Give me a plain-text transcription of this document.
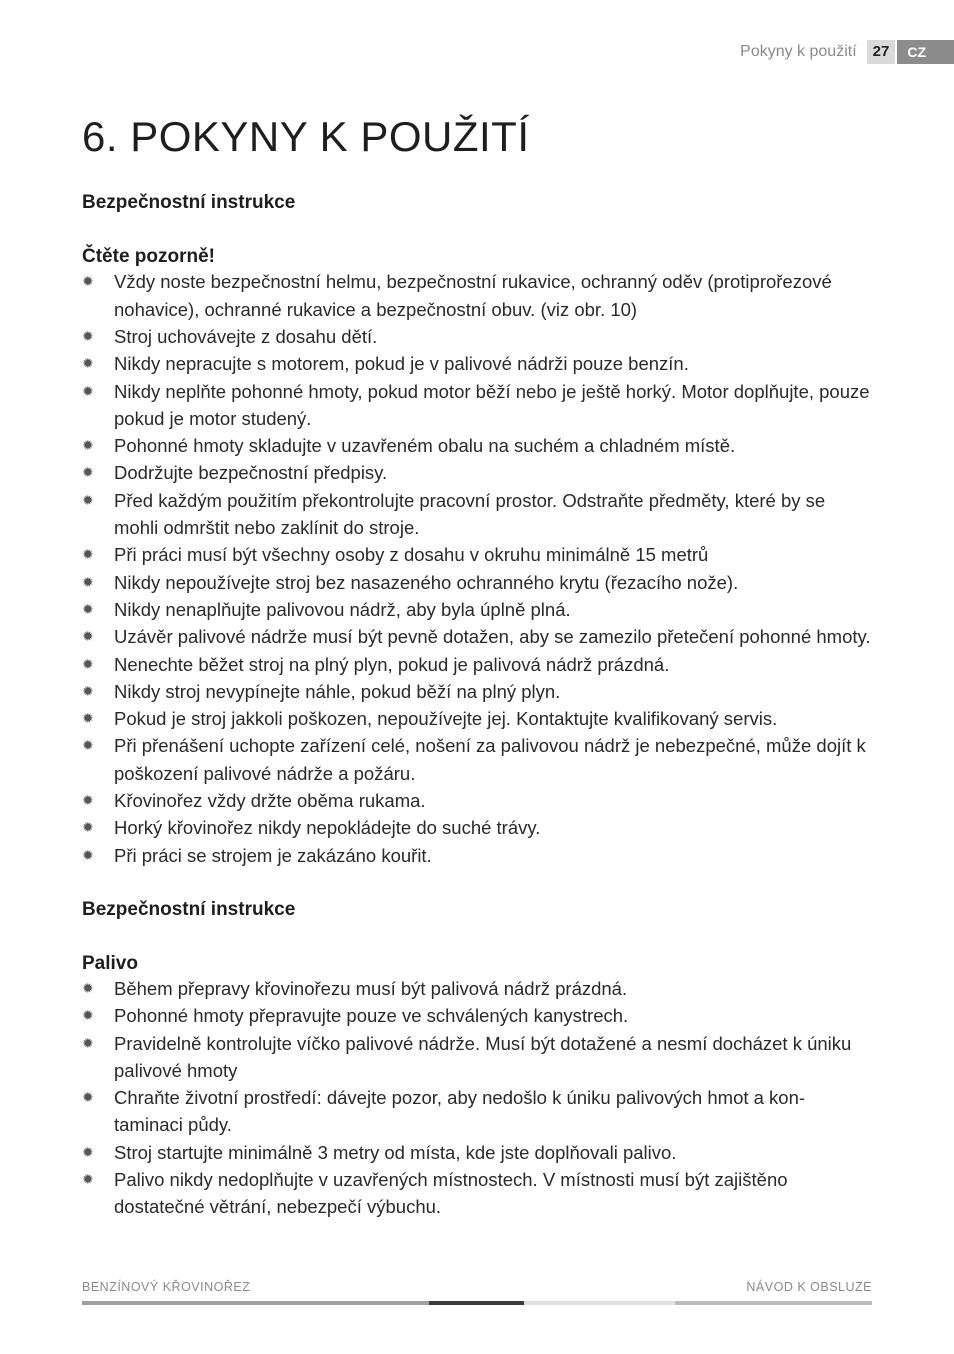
Pokyny k použití	27	CZ
6. POKYNY K POUŽITÍ
Bezpečnostní instrukce
Čtěte pozorně!
✹ Vždy noste bezpečnostní helmu, bezpečnostní rukavice, ochranný oděv (protiprořezové nohavice), ochranné rukavice a bezpečnostní obuv. (viz obr. 10)
✹ Stroj uchovávejte z dosahu dětí.
✹ Nikdy nepracujte s motorem, pokud je v palivové nádrži pouze benzín.
✹ Nikdy neplňte pohonné hmoty, pokud motor běží nebo je ještě horký. Motor doplňujte, pouze pokud je motor studený.
✹ Pohonné hmoty skladujte v uzavřeném obalu na suchém a chladném místě.
✹ Dodržujte bezpečnostní předpisy.
✹ Před každým použitím překontrolujte pracovní prostor. Odstraňte předměty, které by se mohli odmrštit nebo zaklínit do stroje.
✹ Při práci musí být všechny osoby z dosahu v okruhu minimálně 15 metrů
✹ Nikdy nepoužívejte stroj bez nasazeného ochranného krytu (řezacího nože).
✹ Nikdy nenaplňujte palivovou nádrž, aby byla úplně plná.
✹ Uzávěr palivové nádrže musí být pevně dotažen, aby se zamezilo přetečení pohonné hmoty.
✹ Nenechte běžet stroj na plný plyn, pokud je palivová nádrž prázdná.
✹ Nikdy stroj nevypínejte náhle, pokud běží na plný plyn.
✹ Pokud je stroj jakkoli poškozen, nepoužívejte jej. Kontaktujte kvalifikovaný servis.
✹ Při přenášení uchopte zařízení celé, nošení za palivovou nádrž je nebezpečné, může dojít k poškození palivové nádrže a požáru.
✹ Křovinořez vždy držte oběma rukama.
✹ Horký křovinořez nikdy nepokládejte do suché trávy.
✹ Při práci se strojem je zakázáno kouřit.
Bezpečnostní instrukce
Palivo
✹ Během přepravy křovinořezu musí být palivová nádrž prázdná.
✹ Pohonné hmoty přepravujte pouze ve schválených kanystrech.
✹ Pravidelně kontrolujte víčko palivové nádrže. Musí být dotažené a nesmí docházet k úniku palivové hmoty
✹ Chraňte životní prostředí: dávejte pozor, aby nedošlo k úniku palivových hmot a kon-taminaci půdy.
✹ Stroj startujte minimálně 3 metry od místa, kde jste doplňovali palivo.
✹ Palivo nikdy nedoplňujte v uzavřených místnostech. V místnosti musí být zajištěno dostatečné větrání, nebezpečí výbuchu.
BENZÍNOVÝ KŘOVINOŘEZ	NÁVOD K OBSLUZE
